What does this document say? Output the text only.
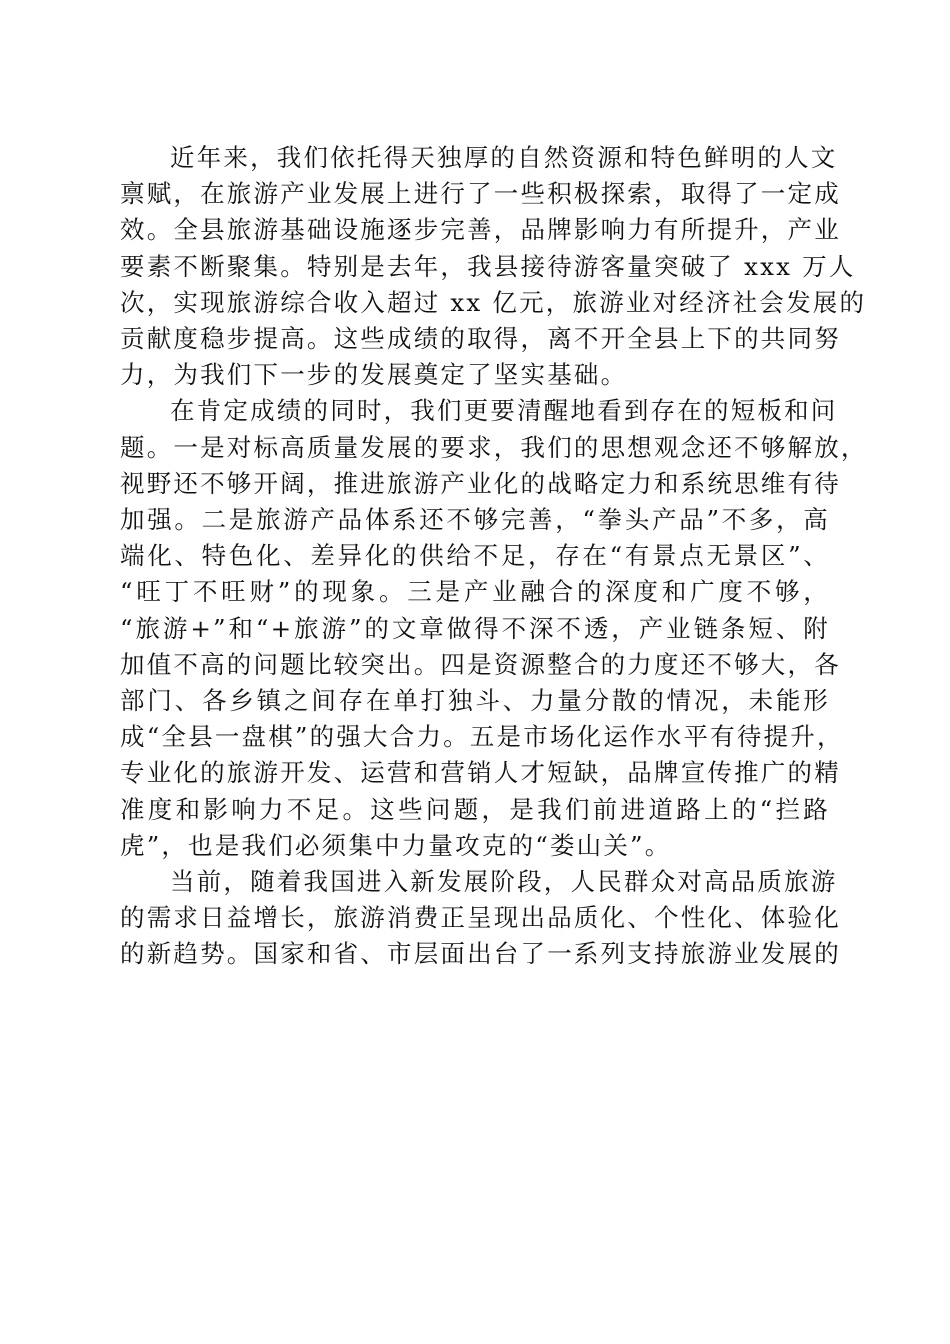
近年来，我们依托得天独厚的自然资源和特色鲜明的人文
禀赋，在旅游产业发展上进行了一些积极探索，取得了一定成
效。全县旅游基础设施逐步完善，品牌影响力有所提升，产业
要素不断聚集。特别是去年，我县接待游客量突破了 xxx 万人
次，实现旅游综合收入超过 xx 亿元，旅游业对经济社会发展的
贡献度稳步提高。这些成绩的取得，离不开全县上下的共同努
力，为我们下一步的发展奠定了坚实基础。

在肯定成绩的同时，我们更要清醒地看到存在的短板和问
题。一是对标高质量发展的要求，我们的思想观念还不够解放，
视野还不够开阔，推进旅游产业化的战略定力和系统思维有待
加强。二是旅游产品体系还不够完善，“拳头产品”不多，高
端化、特色化、差异化的供给不足，存在“有景点无景区”、
“旺丁不旺财”的现象。三是产业融合的深度和广度不够，
“旅游+”和“+旅游”的文章做得不深不透，产业链条短、附
加值不高的问题比较突出。四是资源整合的力度还不够大，各
部门、各乡镇之间存在单打独斗、力量分散的情况，未能形
成“全县一盘棋”的强大合力。五是市场化运作水平有待提升，
专业化的旅游开发、运营和营销人才短缺，品牌宣传推广的精
准度和影响力不足。这些问题，是我们前进道路上的“拦路
虎”，也是我们必须集中力量攻克的“娄山关”。

当前，随着我国进入新发展阶段，人民群众对高品质旅游
的需求日益增长，旅游消费正呈现出品质化、个性化、体验化
的新趋势。国家和省、市层面出台了一系列支持旅游业发展的
